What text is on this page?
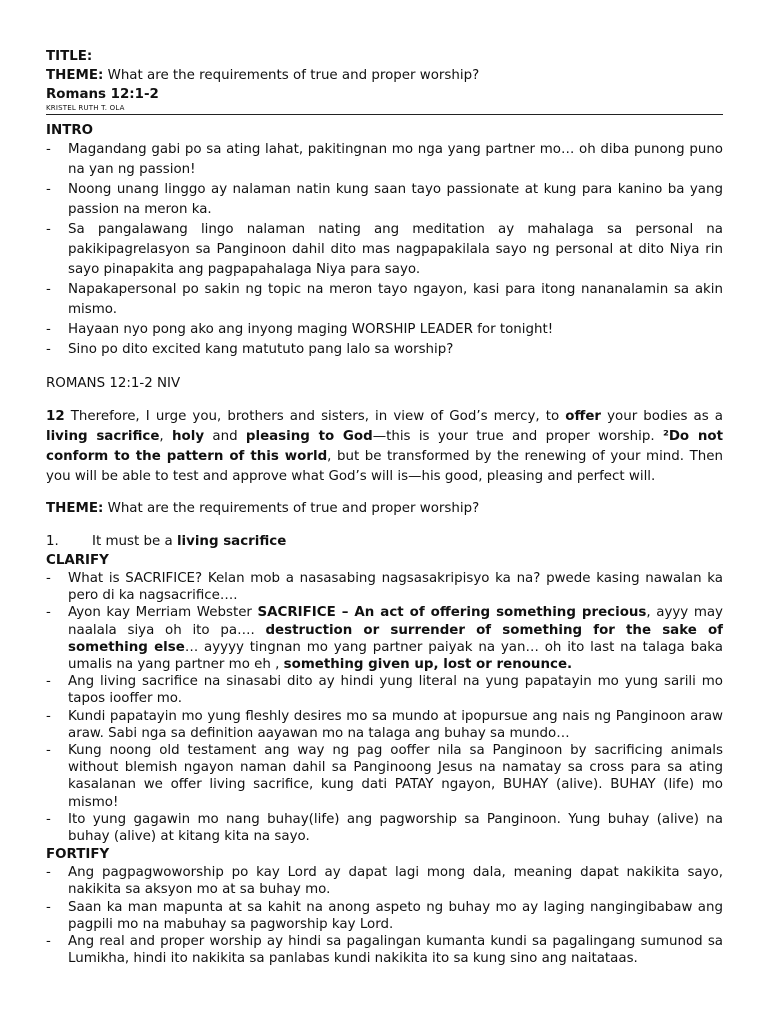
TITLE:
THEME: What are the requirements of true and proper worship?
Romans 12:1-2
KRISTEL RUTH T. OLA
INTRO
- Magandang gabi po sa ating lahat, pakitingnan mo nga yang partner mo… oh diba punong puno na yan ng passion!
- Noong unang linggo ay nalaman natin kung saan tayo passionate at kung para kanino ba yang passion na meron ka.
- Sa pangalawang lingo nalaman nating ang meditation ay mahalaga sa personal na pakikipagrelasyon sa Panginoon dahil dito mas nagpapakilala sayo ng personal at dito Niya rin sayo pinapakita ang pagpapahalaga Niya para sayo.
- Napakapersonal po sakin ng topic na meron tayo ngayon, kasi para itong nananalamin sa akin mismo.
- Hayaan nyo pong ako ang inyong maging WORSHIP LEADER for tonight!
- Sino po dito excited kang matututo pang lalo sa worship?
ROMANS 12:1-2 NIV
12 Therefore, I urge you, brothers and sisters, in view of God’s mercy, to offer your bodies as a living sacrifice, holy and pleasing to God—this is your true and proper worship. ²Do not conform to the pattern of this world, but be transformed by the renewing of your mind. Then you will be able to test and approve what God’s will is—his good, pleasing and perfect will.
THEME: What are the requirements of true and proper worship?
1. It must be a living sacrifice
CLARIFY
- What is SACRIFICE? Kelan mob a nasasabing nagsasakripisyo ka na? pwede kasing nawalan ka pero di ka nagsacrifice….
- Ayon kay Merriam Webster SACRIFICE – An act of offering something precious, ayyy may naalala siya oh ito pa…. destruction or surrender of something for the sake of something else… ayyyy tingnan mo yang partner paiyak na yan… oh ito last na talaga baka umalis na yang partner mo eh , something given up, lost or renounce.
- Ang living sacrifice na sinasabi dito ay hindi yung literal na yung papatayin mo yung sarili mo tapos iooffer mo.
- Kundi papatayin mo yung fleshly desires mo sa mundo at ipopursue ang nais ng Panginoon araw araw. Sabi nga sa definition aayawan mo na talaga ang buhay sa mundo…
- Kung noong old testament ang way ng pag ooffer nila sa Panginoon by sacrificing animals without blemish ngayon naman dahil sa Panginoong Jesus na namatay sa cross para sa ating kasalanan we offer living sacrifice, kung dati PATAY ngayon, BUHAY (alive). BUHAY (life) mo mismo!
- Ito yung gagawin mo nang buhay(life) ang pagworship sa Panginoon. Yung buhay (alive) na buhay (alive) at kitang kita na sayo.
FORTIFY
- Ang pagpagwoworship po kay Lord ay dapat lagi mong dala, meaning dapat nakikita sayo, nakikita sa aksyon mo at sa buhay mo.
- Saan ka man mapunta at sa kahit na anong aspeto ng buhay mo ay laging nangingibabaw ang pagpili mo na mabuhay sa pagworship kay Lord.
- Ang real and proper worship ay hindi sa pagalingan kumanta kundi sa pagalingang sumunod sa Lumikha, hindi ito nakikita sa panlabas kundi nakikita ito sa kung sino ang naitataas.
